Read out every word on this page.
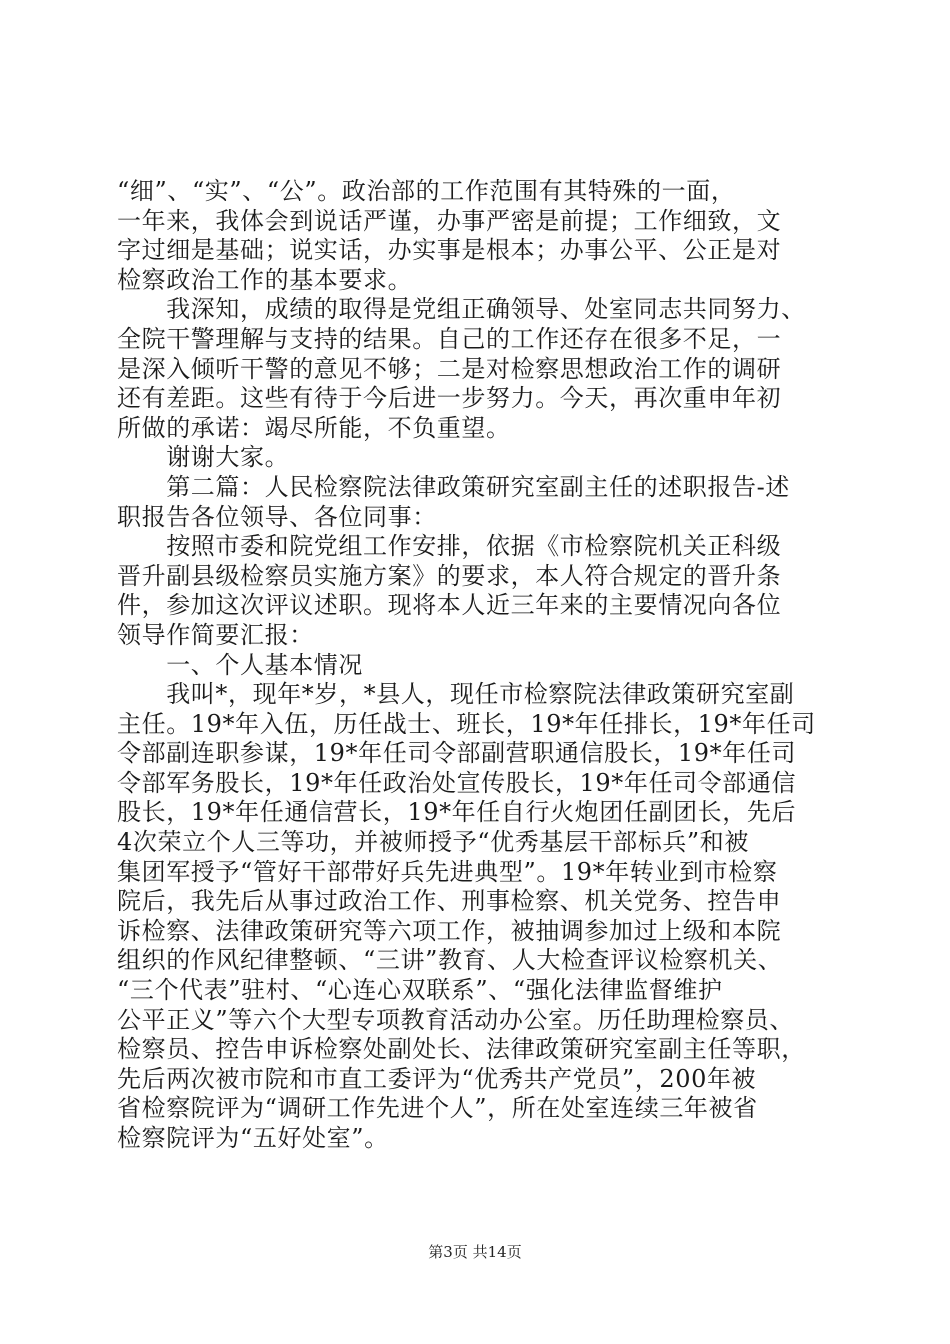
“细”、“实”、“公”。政治部的工作范围有其特殊的一面，
一年来，我体会到说话严谨，办事严密是前提；工作细致，文
字过细是基础；说实话，办实事是根本；办事公平、公正是对
检察政治工作的基本要求。
　　我深知，成绩的取得是党组正确领导、处室同志共同努力、
全院干警理解与支持的结果。自己的工作还存在很多不足，一
是深入倾听干警的意见不够；二是对检察思想政治工作的调研
还有差距。这些有待于今后进一步努力。今天，再次重申年初
所做的承诺：竭尽所能，不负重望。
　　谢谢大家。
　　第二篇：人民检察院法律政策研究室副主任的述职报告-述
职报告各位领导、各位同事：
　　按照市委和院党组工作安排，依据《市检察院机关正科级
晋升副县级检察员实施方案》的要求，本人符合规定的晋升条
件，参加这次评议述职。现将本人近三年来的主要情况向各位
领导作简要汇报：
　　一、个人基本情况
　　我叫*，现年*岁，*县人，现任市检察院法律政策研究室副
主任。19*年入伍，历任战士、班长，19*年任排长，19*年任司
令部副连职参谋，19*年任司令部副营职通信股长，19*年任司
令部军务股长，19*年任政治处宣传股长，19*年任司令部通信
股长，19*年任通信营长，19*年任自行火炮团任副团长，先后
4次荣立个人三等功，并被师授予“优秀基层干部标兵”和被
集团军授予“管好干部带好兵先进典型”。19*年转业到市检察
院后，我先后从事过政治工作、刑事检察、机关党务、控告申
诉检察、法律政策研究等六项工作，被抽调参加过上级和本院
组织的作风纪律整顿、“三讲”教育、人大检查评议检察机关、
“三个代表”驻村、“心连心双联系”、“强化法律监督维护
公平正义”等六个大型专项教育活动办公室。历任助理检察员、
检察员、控告申诉检察处副处长、法律政策研究室副主任等职，
先后两次被市院和市直工委评为“优秀共产党员”，200年被
省检察院评为“调研工作先进个人”，所在处室连续三年被省
检察院评为“五好处室”。
第3页 共14页
